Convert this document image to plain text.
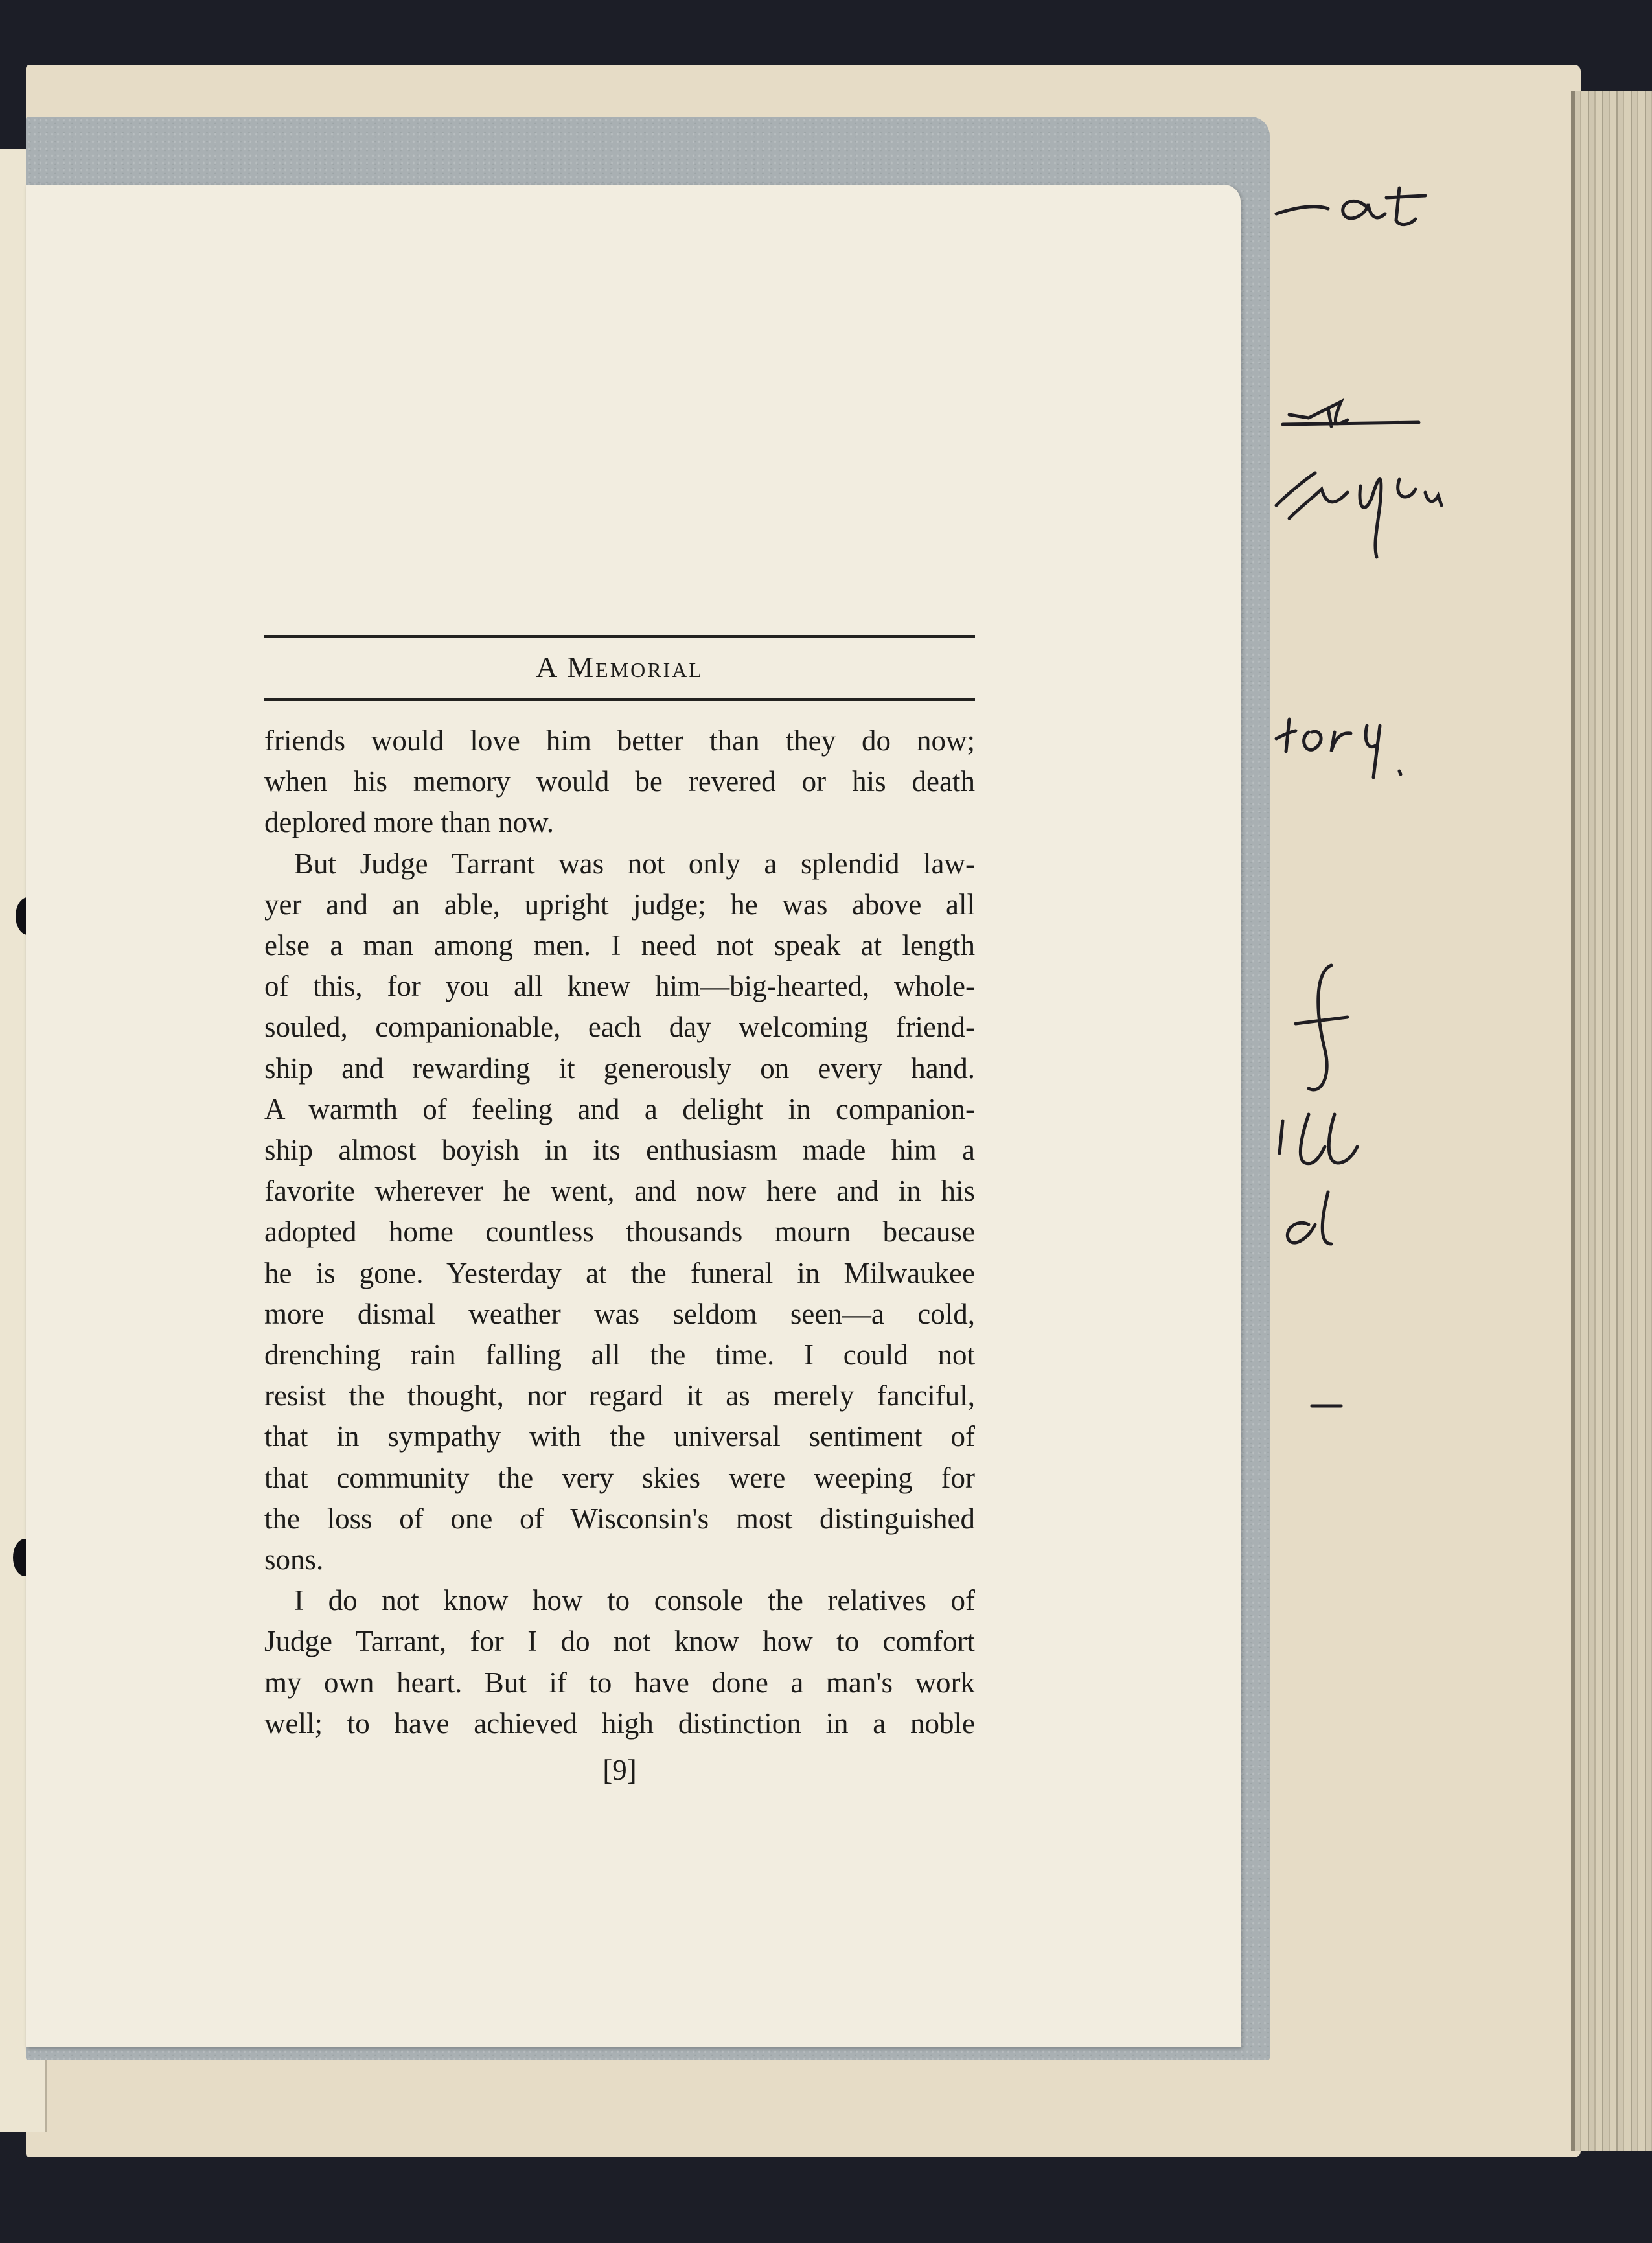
A Memorial

friends would love him better than they do now;
when his memory would be revered or his death
deplored more than now.

But Judge Tarrant was not only a splendid law-
yer and an able, upright judge; he was above all
else a man among men. I need not speak at length
of this, for you all knew him—big-hearted, whole-
souled, companionable, each day welcoming friend-
ship and rewarding it generously on every hand.
A warmth of feeling and a delight in companion-
ship almost boyish in its enthusiasm made him a
favorite wherever he went, and now here and in his
adopted home countless thousands mourn because
he is gone. Yesterday at the funeral in Milwaukee
more dismal weather was seldom seen—a cold,
drenching rain falling all the time. I could not
resist the thought, nor regard it as merely fanciful,
that in sympathy with the universal sentiment of
that community the very skies were weeping for
the loss of one of Wisconsin's most distinguished
sons.

I do not know how to console the relatives of
Judge Tarrant, for I do not know how to comfort
my own heart. But if to have done a man's work
well; to have achieved high distinction in a noble

[9]
